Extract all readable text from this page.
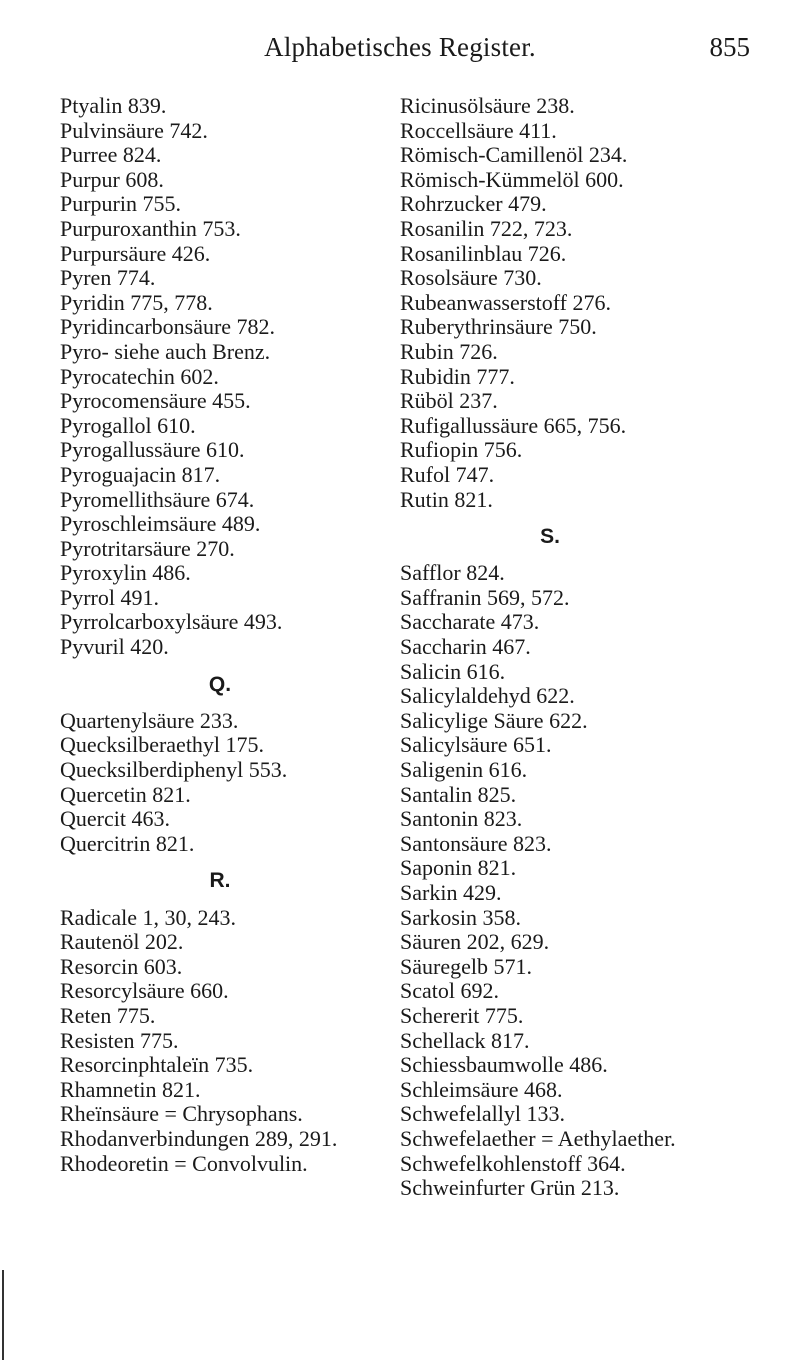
Alphabetisches Register.	855
Ptyalin 839.
Pulvinsäure 742.
Purree 824.
Purpur 608.
Purpurin 755.
Purpuroxanthin 753.
Purpursäure 426.
Pyren 774.
Pyridin 775, 778.
Pyridincarbonsäure 782.
Pyro- siehe auch Brenz.
Pyrocatechin 602.
Pyrocomensäure 455.
Pyrogallol 610.
Pyrogallussäure 610.
Pyroguajacin 817.
Pyromellithsäure 674.
Pyroschleimsäure 489.
Pyrotritarsäure 270.
Pyroxylin 486.
Pyrrol 491.
Pyrrolcarboxylsäure 493.
Pyvuril 420.
Q.
Quartenylsäure 233.
Quecksilberaethyl 175.
Quecksilberdiphenyl 553.
Quercetin 821.
Quercit 463.
Quercitrin 821.
R.
Radicale 1, 30, 243.
Rautenöl 202.
Resorcin 603.
Resorcylsäure 660.
Reten 775.
Resisten 775.
Resorcinphtaleïn 735.
Rhamnetin 821.
Rheïnsäure = Chrysophans.
Rhodanverbindungen 289, 291.
Rhodeoretin = Convolvulin.
Ricinusölsäure 238.
Roccellsäure 411.
Römisch-Camillenöl 234.
Römisch-Kümmelöl 600.
Rohrzucker 479.
Rosanilin 722, 723.
Rosanilinblau 726.
Rosolsäure 730.
Rubeanwasserstoff 276.
Ruberythrinsäure 750.
Rubin 726.
Rubidin 777.
Rüböl 237.
Rufigallussäure 665, 756.
Rufiopin 756.
Rufol 747.
Rutin 821.
S.
Safflor 824.
Saffranin 569, 572.
Saccharate 473.
Saccharin 467.
Salicin 616.
Salicylaldehyd 622.
Salicylige Säure 622.
Salicylsäure 651.
Saligenin 616.
Santalin 825.
Santonin 823.
Santonsäure 823.
Saponin 821.
Sarkin 429.
Sarkosin 358.
Säuren 202, 629.
Säuregelb 571.
Scatol 692.
Schererit 775.
Schellack 817.
Schiessbaumwolle 486.
Schleimsäure 468.
Schwefelallyl 133.
Schwefelaether = Aethylaether.
Schwefelkohlenstoff 364.
Schweinfurter Grün 213.
